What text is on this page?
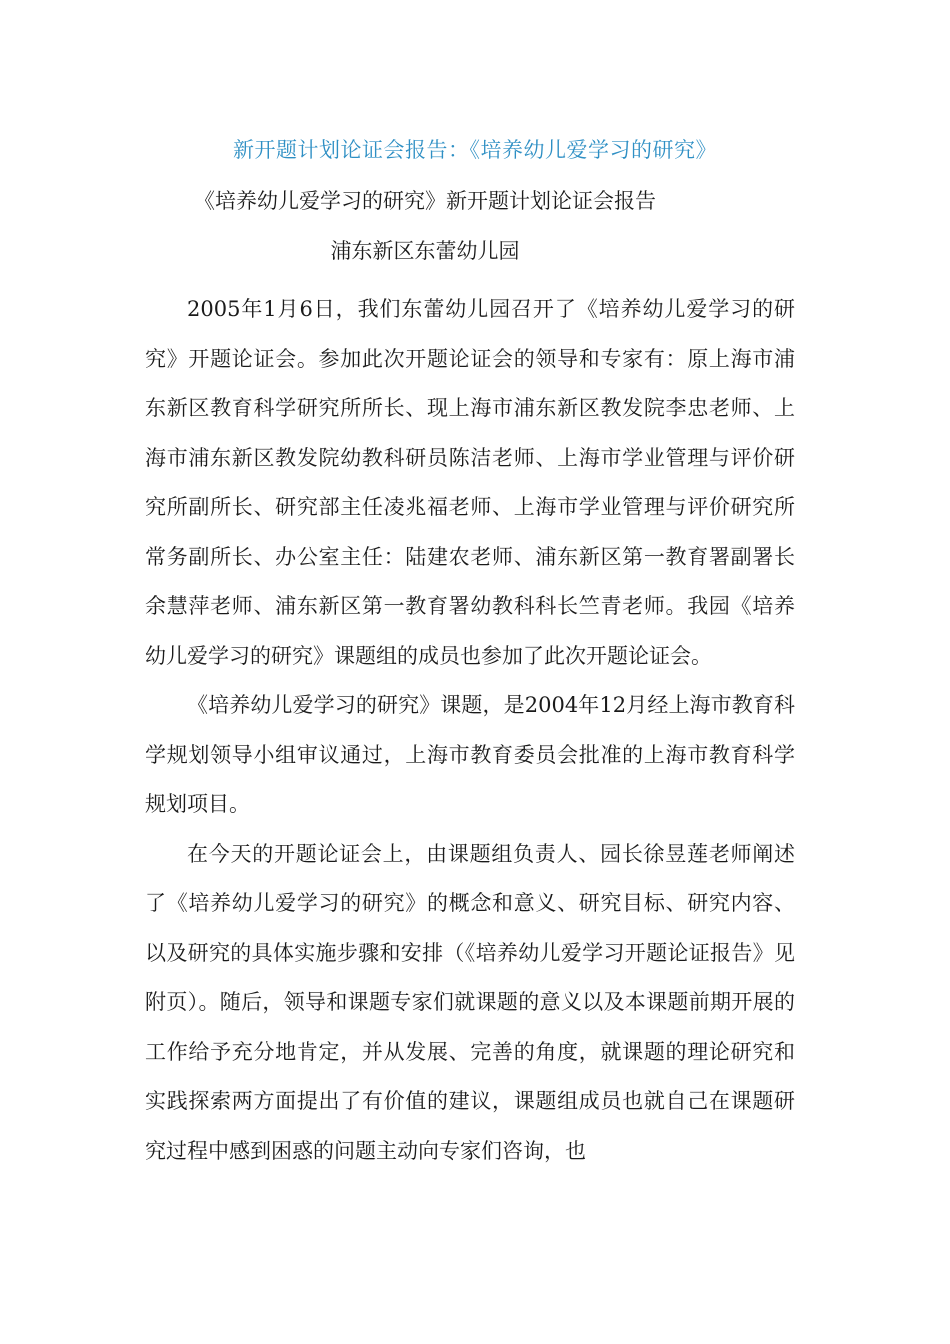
新开题计划论证会报告：《培养幼儿爱学习的研究》
《培养幼儿爱学习的研究》新开题计划论证会报告
浦东新区东蕾幼儿园

2005年1月6日，我们东蕾幼儿园召开了《培养幼儿爱学习的研究》开题论证会。参加此次开题论证会的领导和专家有：原上海市浦东新区教育科学研究所所长、现上海市浦东新区教发院李忠老师、上海市浦东新区教发院幼教科研员陈洁老师、上海市学业管理与评价研究所副所长、研究部主任凌兆福老师、上海市学业管理与评价研究所常务副所长、办公室主任：陆建农老师、浦东新区第一教育署副署长余慧萍老师、浦东新区第一教育署幼教科科长竺青老师。我园《培养幼儿爱学习的研究》课题组的成员也参加了此次开题论证会。

《培养幼儿爱学习的研究》课题，是2004年12月经上海市教育科学规划领导小组审议通过，上海市教育委员会批准的上海市教育科学规划项目。

在今天的开题论证会上，由课题组负责人、园长徐昱莲老师阐述了《培养幼儿爱学习的研究》的概念和意义、研究目标、研究内容、以及研究的具体实施步骤和安排（《培养幼儿爱学习开题论证报告》见附页）。随后，领导和课题专家们就课题的意义以及本课题前期开展的工作给予充分地肯定，并从发展、完善的角度，就课题的理论研究和实践探索两方面提出了有价值的建议，课题组成员也就自己在课题研究过程中感到困惑的问题主动向专家们咨询，也
